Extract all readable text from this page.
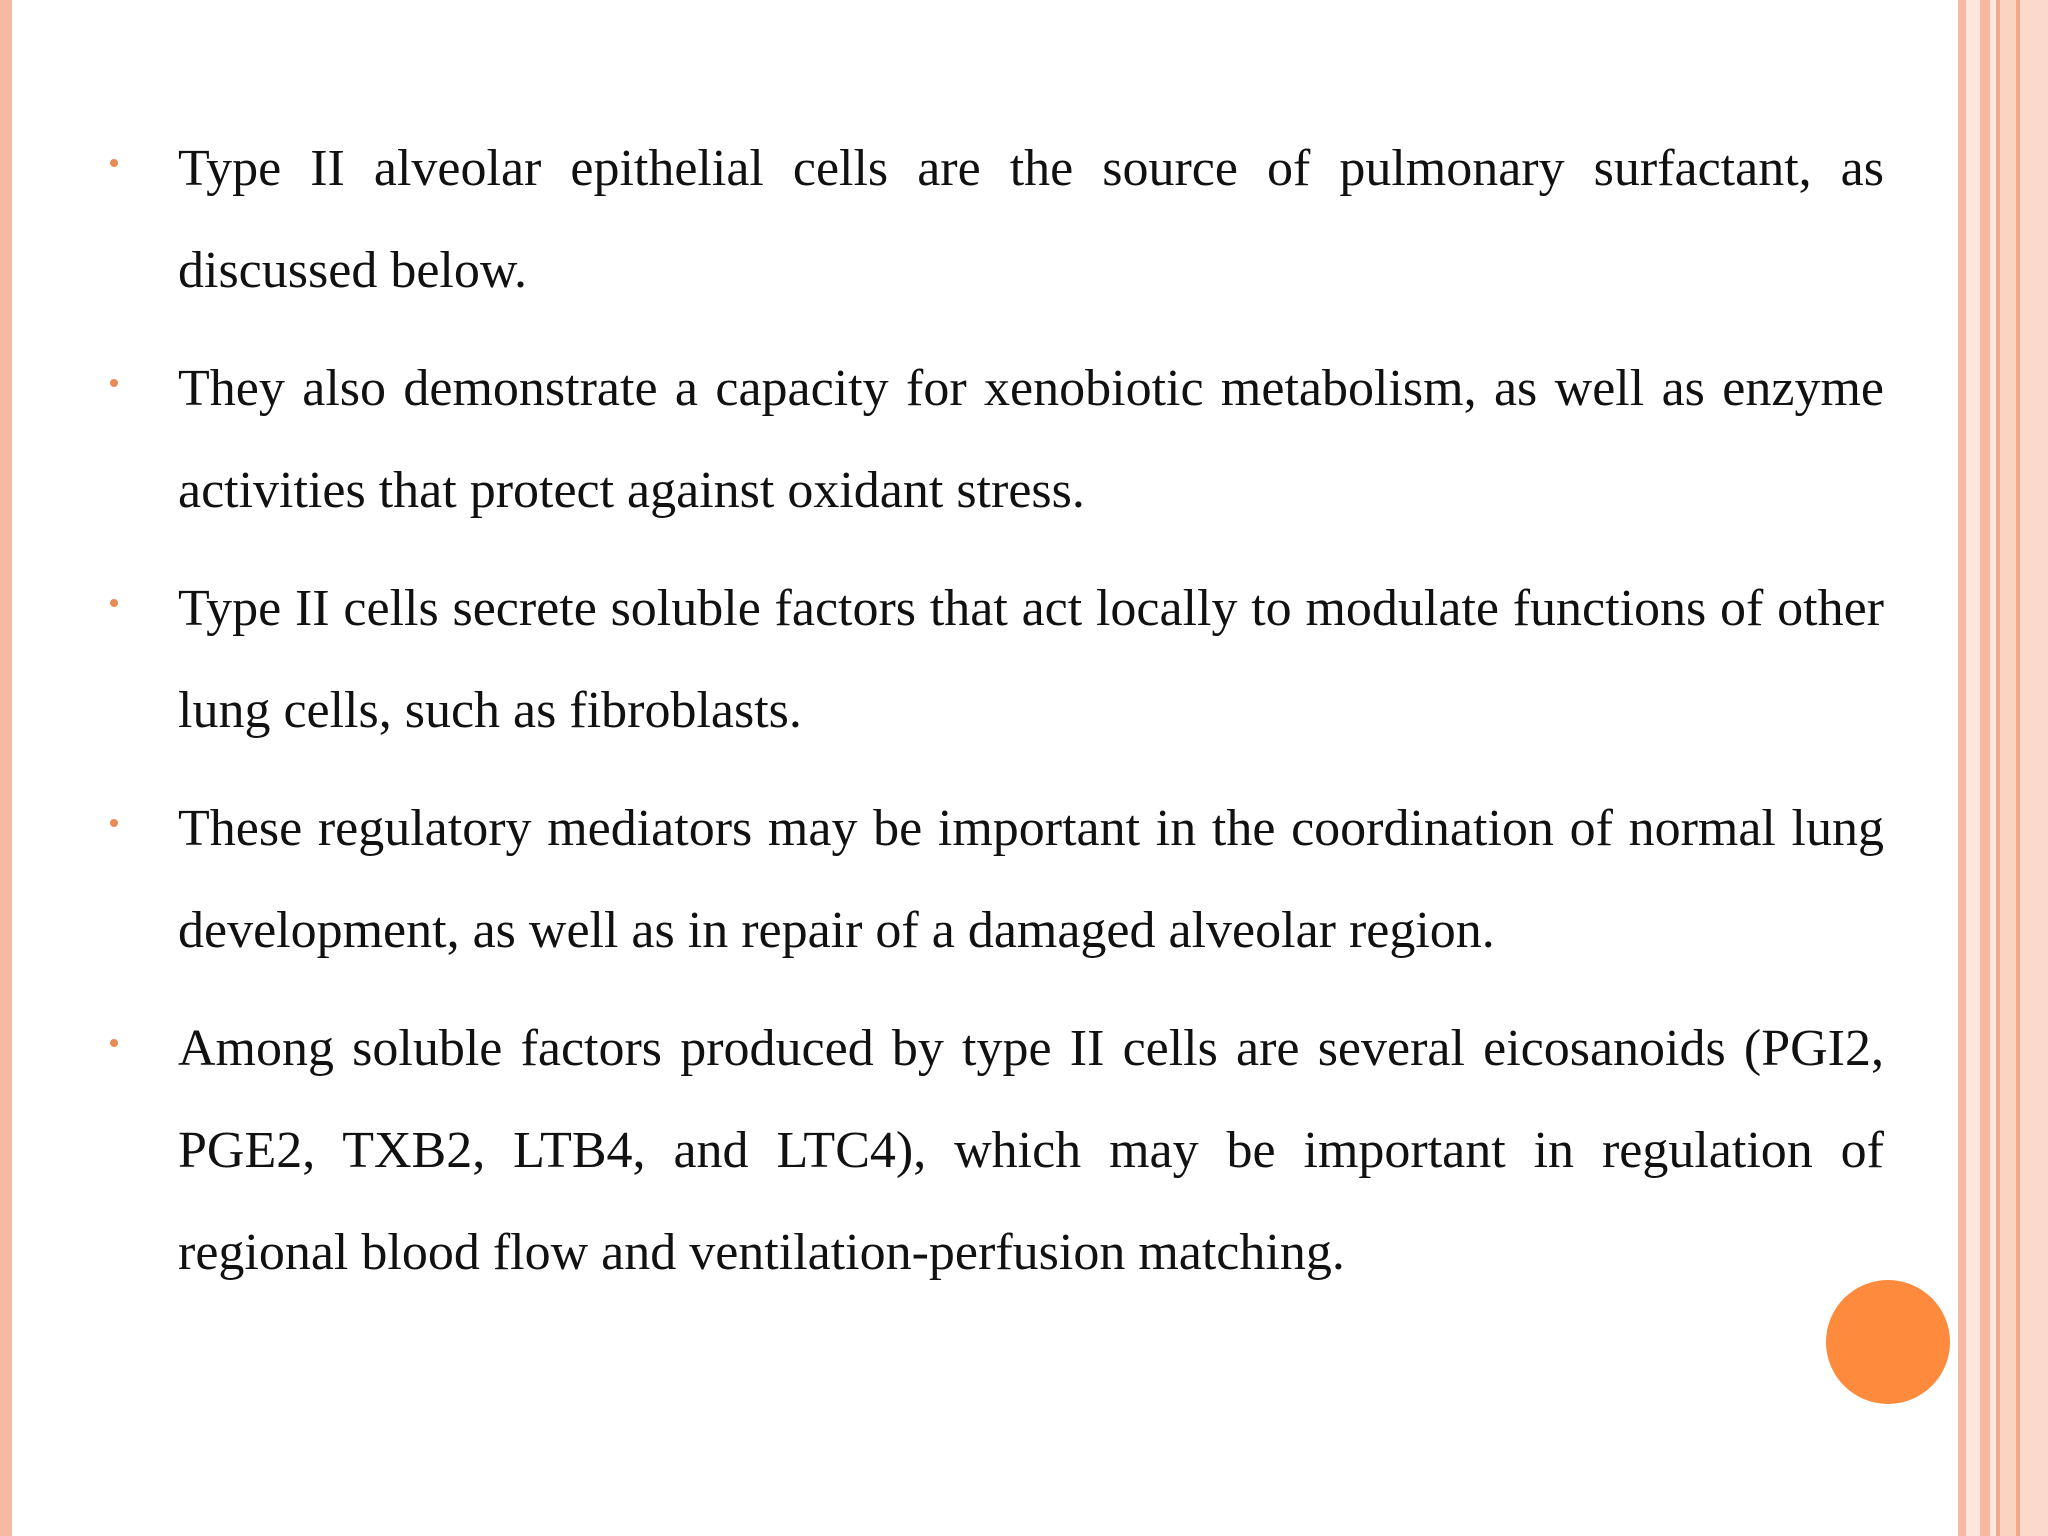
Type II alveolar epithelial cells are the source of pulmonary surfactant, as discussed below.
They also demonstrate a capacity for xenobiotic metabolism, as well as enzyme activities that protect against oxidant stress.
Type II cells secrete soluble factors that act locally to modulate functions of other lung cells, such as fibroblasts.
These regulatory mediators may be important in the coordination of normal lung development, as well as in repair of a damaged alveolar region.
Among soluble factors produced by type II cells are several eicosanoids (PGI2, PGE2, TXB2, LTB4, and LTC4), which may be important in regulation of regional blood flow and ventilation-perfusion matching.
